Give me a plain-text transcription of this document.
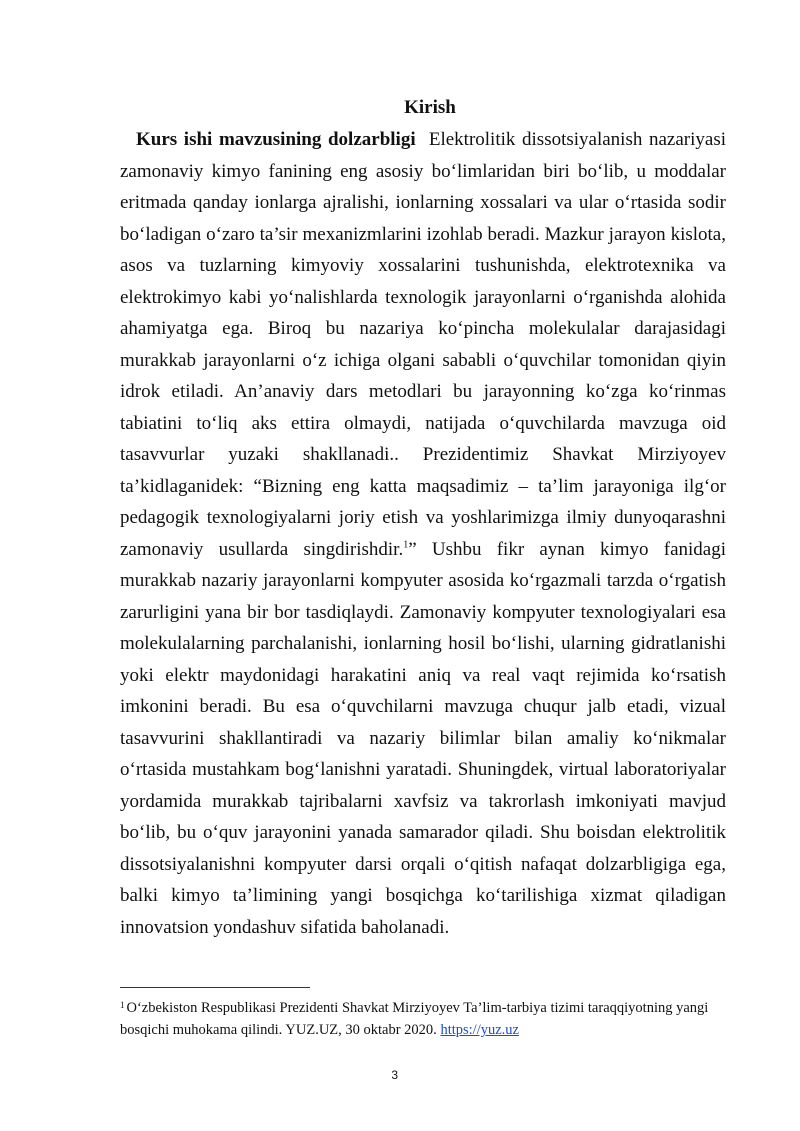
Kirish

Kurs ishi mavzusining dolzarbligi Elektrolitik dissotsiyalanish nazariyasi zamonaviy kimyo fanining eng asosiy bo‘limlaridan biri bo‘lib, u moddalar eritmada qanday ionlarga ajralishi, ionlarning xossalari va ular o‘rtasida sodir bo‘ladigan o‘zaro ta’sir mexanizmlarini izohlab beradi. Mazkur jarayon kislota, asos va tuzlarning kimyoviy xossalarini tushunishda, elektrotexnika va elektrokimyo kabi yo‘nalishlarda texnologik jarayonlarni o‘rganishda alohida ahamiyatga ega. Biroq bu nazariya ko‘pincha molekulalar darajasidagi murakkab jarayonlarni o‘z ichiga olgani sababli o‘quvchilar tomonidan qiyin idrok etiladi. An’anaviy dars metodlari bu jarayonning ko‘zga ko‘rinmas tabiatini to‘liq aks ettira olmaydi, natijada o‘quvchilarda mavzuga oid tasavvurlar yuzaki shakllanadi.. Prezidentimiz Shavkat Mirziyoyev ta’kidlaganidek: “Bizning eng katta maqsadimiz – ta’lim jarayoniga ilg‘or pedagogik texnologiyalarni joriy etish va yoshlarimizga ilmiy dunyoqarashni zamonaviy usullarda singdirishdir.$^1$” Ushbu fikr aynan kimyo fanidagi murakkab nazariy jarayonlarni kompyuter asosida ko‘rgazmali tarzda o‘rgatish zarurligini yana bir bor tasdiqlaydi. Zamonaviy kompyuter texnologiyalari esa molekulalarning parchalanishi, ionlarning hosil bo‘lishi, ularning gidratlanishi yoki elektr maydonidagi harakatini aniq va real vaqt rejimida ko‘rsatish imkonini beradi. Bu esa o‘quvchilarni mavzuga chuqur jalb etadi, vizual tasavvurini shakllantiradi va nazariy bilimlar bilan amaliy ko‘nikmalar o‘rtasida mustahkam bog‘lanishni yaratadi. Shuningdek, virtual laboratoriyalar yordamida murakkab tajribalarni xavfsiz va takrorlash imkoniyati mavjud bo‘lib, bu o‘quv jarayonini yanada samarador qiladi. Shu boisdan elektrolitik dissotsiyalanishni kompyuter darsi orqali o‘qitish nafaqat dolzarbligiga ega, balki kimyo ta’limining yangi bosqichga ko‘tarilishiga xizmat qiladigan innovatsion yondashuv sifatida baholanadi.

$^1$ O‘zbekiston Respublikasi Prezidenti Shavkat Mirziyoyev Ta’lim-tarbiya tizimi taraqqiyotning yangi bosqichi muhokama qilindi. YUZ.UZ, 30 oktabr 2020. https://yuz.uz

3
